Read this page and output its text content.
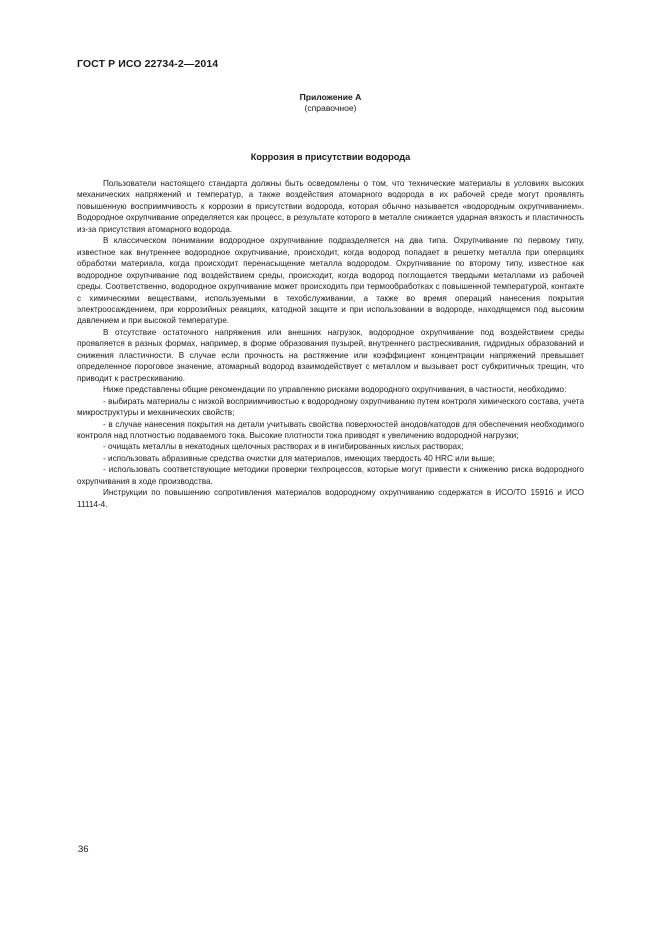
ГОСТ Р ИСО 22734-2—2014
Приложение А
(справочное)
Коррозия в присутствии водорода

Пользователи настоящего стандарта должны быть осведомлены о том, что технические материалы в условиях высоких механических напряжений и температур, а также воздействия атомарного водорода в их рабочей среде могут проявлять повышенную восприимчивость к коррозии в присутствии водорода, которая обычно называется «водородным охрупчиванием». Водородное охрупчивание определяется как процесс, в результате которого в металле снижается ударная вязкость и пластичность из-за присутствия атомарного водорода.

В классическом понимании водородное охрупчивание подразделяется на два типа. Охрупчивание по первому типу, известное как внутреннее водородное охрупчивание, происходит, когда водород попадает в решетку металла при операциях обработки материала, когда происходит перенасыщение металла водородом. Охрупчивание по второму типу, известное как водородное охрупчивание под воздействием среды, происходит, когда водород поглощается твердыми металлами из рабочей среды. Соответственно, водородное охрупчивание может происходить при термообработках с повышенной температурой, контакте с химическими веществами, используемыми в техобслуживании, а также во время операций нанесения покрытия электроосаждением, при коррозийных реакциях, катодной защите и при использовании в водороде, находящемся под высоким давлением и при высокой температуре.

В отсутствие остаточного напряжения или внешних нагрузок, водородное охрупчивание под воздействием среды проявляется в разных формах, например, в форме образования пузырей, внутреннего растрескивания, гидридных образований и снижения пластичности. В случае если прочность на растяжение или коэффициент концентрации напряжений превышает определенное пороговое значение, атомарный водород взаимодействует с металлом и вызывает рост субкритичных трещин, что приводит к растрескиванию.

Ниже представлены общие рекомендации по управлению рисками водородного охрупчивания, в частности, необходимо:

- выбирать материалы с низкой восприимчивостью к водородному охрупчиванию путем контроля химического состава, учета микроструктуры и механических свойств;

- в случае нанесения покрытия на детали учитывать свойства поверхностей анодов/катодов для обеспечения необходимого контроля над плотностью подаваемого тока. Высокие плотности тока приводят к увеличению водородной нагрузки;

- очищать металлы в некатодных щелочных растворах и в ингибированных кислых растворах;

- использовать абразивные средства очистки для материалов, имеющих твердость 40 HRC или выше;

- использовать соответствующие методики проверки техпроцессов, которые могут привести к снижению риска водородного охрупчивания в ходе производства.

Инструкции по повышению сопротивления материалов водородному охрупчиванию содержатся в ИСО/ТО 15916 и ИСО 11114-4.

36
